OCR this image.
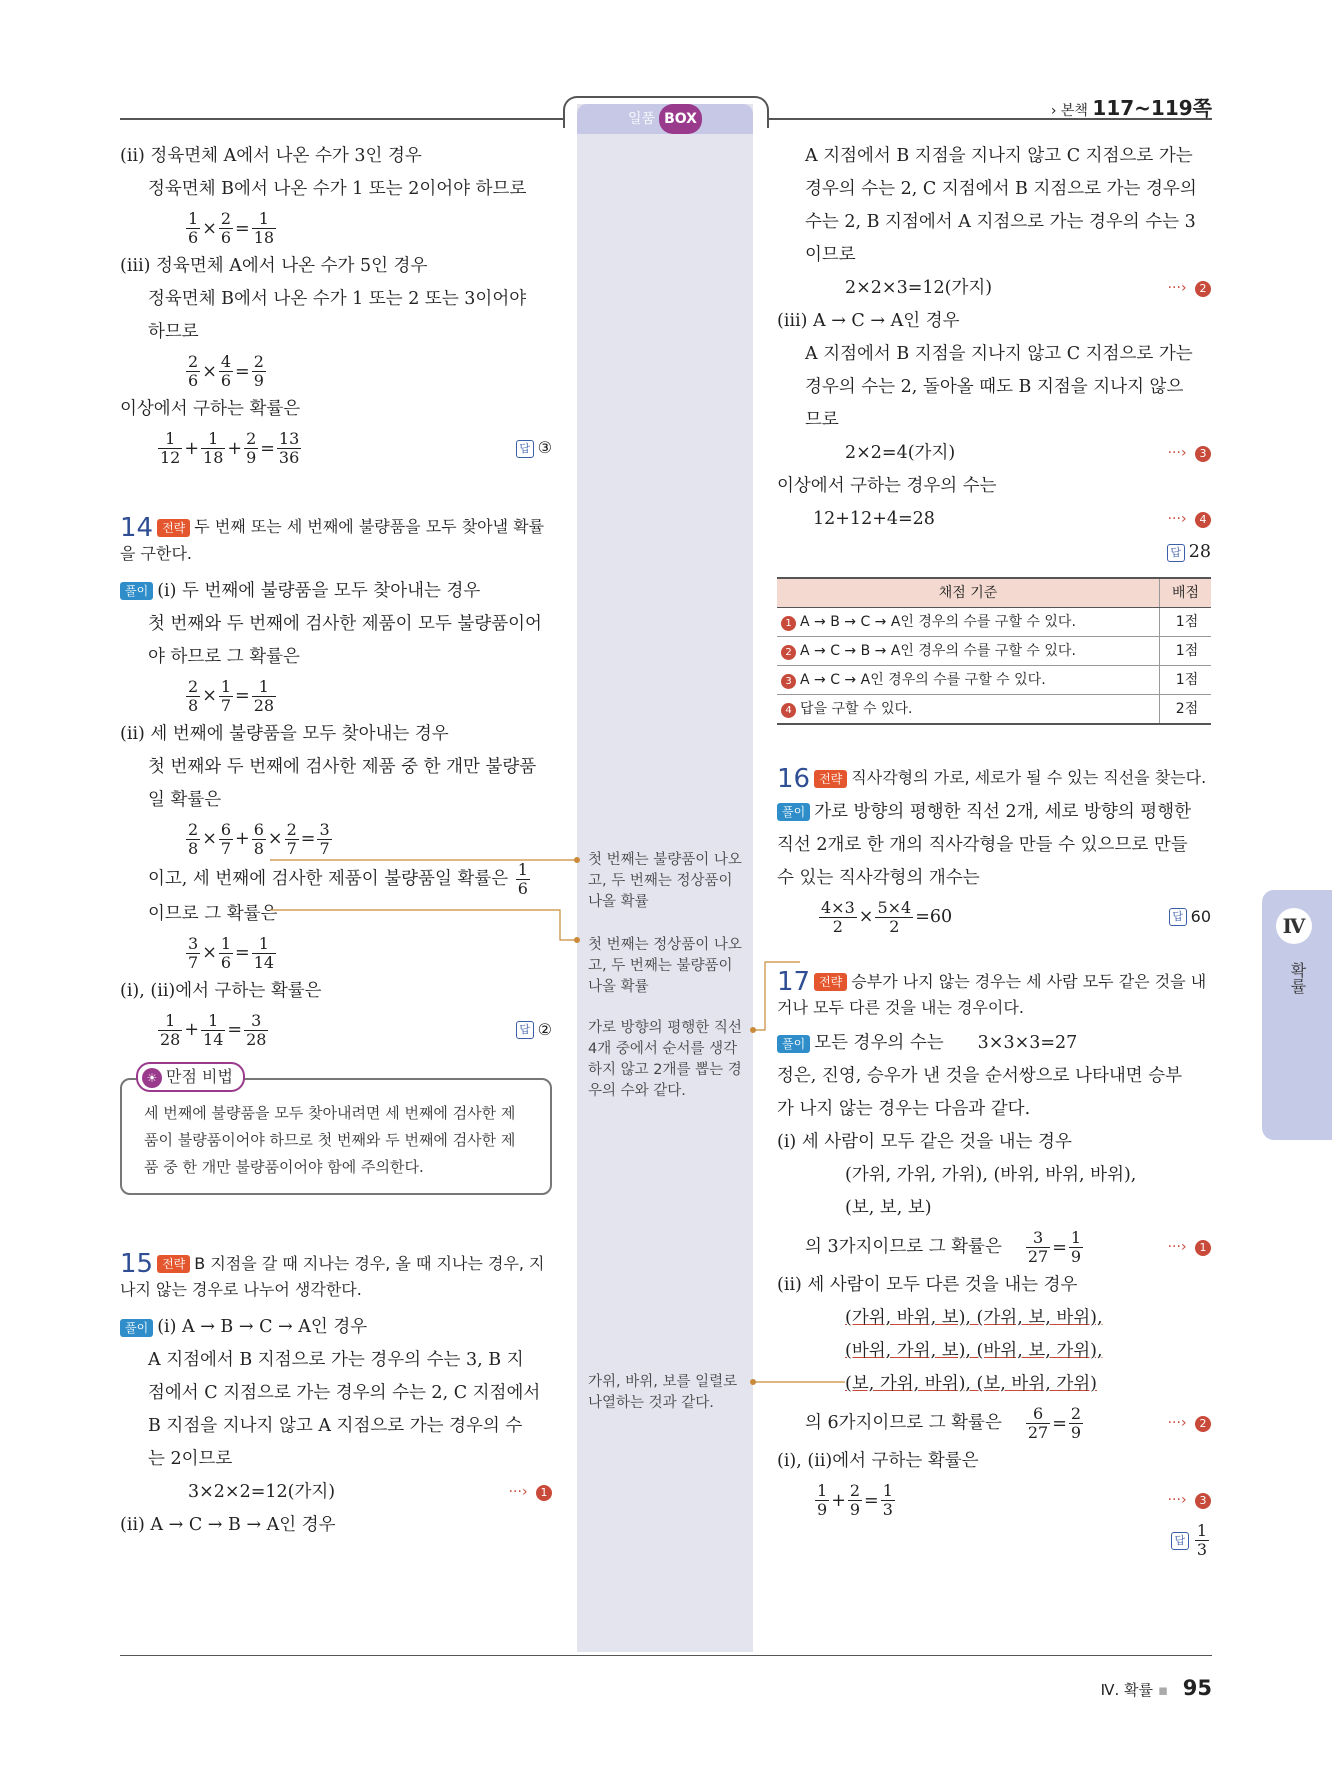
일품 BOX	› 본책 117~119쪽
Ⅳ
확률

(ⅱ) 정육면체 A에서 나온 수가 3인 경우

정육면체 B에서 나온 수가 1 또는 2이어야 하므로

$\frac{1}{6} \times \frac{2}{6} = \frac{1}{18}$

(ⅲ) 정육면체 A에서 나온 수가 5인 경우

정육면체 B에서 나온 수가 1 또는 2 또는 3이어야

하므로

$\frac{2}{6} \times \frac{4}{6} = \frac{2}{9}$

이상에서 구하는 확률은

$\frac{1}{12} + \frac{1}{18} + \frac{2}{9} = \frac{13}{36}$	답 ③

14 전략 두 번째 또는 세 번째에 불량품을 모두 찾아낼 확률을 구한다.

풀이 (ⅰ) 두 번째에 불량품을 모두 찾아내는 경우

첫 번째와 두 번째에 검사한 제품이 모두 불량품이어

야 하므로 그 확률은

$\frac{2}{8} \times \frac{1}{7} = \frac{1}{28}$

(ⅱ) 세 번째에 불량품을 모두 찾아내는 경우

첫 번째와 두 번째에 검사한 제품 중 한 개만 불량품

일 확률은

$\frac{2}{8} \times \frac{6}{7} + \frac{6}{8} \times \frac{2}{7} = \frac{3}{7}$

이고, 세 번째에 검사한 제품이 불량품일 확률은 $\frac{1}{6}$

이므로 그 확률은

$\frac{3}{7} \times \frac{1}{6} = \frac{1}{14}$

(ⅰ), (ⅱ)에서 구하는 확률은

$\frac{1}{28} + \frac{1}{14} = \frac{3}{28}$	답 ②
☀ 만점 비법
세 번째에 불량품을 모두 찾아내려면 세 번째에 검사한 제품이 불량품이어야 하므로 첫 번째와 두 번째에 검사한 제품 중 한 개만 불량품이어야 함에 주의한다.

15 전략 B 지점을 갈 때 지나는 경우, 올 때 지나는 경우, 지나지 않는 경우로 나누어 생각한다.

풀이 (ⅰ) A → B → C → A인 경우

A 지점에서 B 지점으로 가는 경우의 수는 3, B 지

점에서 C 지점으로 가는 경우의 수는 2, C 지점에서

B 지점을 지나지 않고 A 지점으로 가는 경우의 수

는 2이므로

3×2×2=12(가지)	···› 1

(ⅱ) A → C → B → A인 경우

첫 번째는 불량품이 나오고, 두 번째는 정상품이 나올 확률
첫 번째는 정상품이 나오고, 두 번째는 불량품이 나올 확률
가로 방향의 평행한 직선 4개 중에서 순서를 생각하지 않고 2개를 뽑는 경우의 수와 같다.
가위, 바위, 보를 일렬로 나열하는 것과 같다.

A 지점에서 B 지점을 지나지 않고 C 지점으로 가는

경우의 수는 2, C 지점에서 B 지점으로 가는 경우의

수는 2, B 지점에서 A 지점으로 가는 경우의 수는 3

이므로

2×2×3=12(가지)	···› 2

(ⅲ) A → C → A인 경우

A 지점에서 B 지점을 지나지 않고 C 지점으로 가는

경우의 수는 2, 돌아올 때도 B 지점을 지나지 않으

므로

2×2=4(가지)	···› 3

이상에서 구하는 경우의 수는

12+12+4=28	···› 4

답 28

채점 기준	배점
1 A → B → C → A인 경우의 수를 구할 수 있다.	1점
2 A → C → B → A인 경우의 수를 구할 수 있다.	1점
3 A → C → A인 경우의 수를 구할 수 있다.	1점
4 답을 구할 수 있다.	2점

16 전략 직사각형의 가로, 세로가 될 수 있는 직선을 찾는다.

풀이 가로 방향의 평행한 직선 2개, 세로 방향의 평행한

직선 2개로 한 개의 직사각형을 만들 수 있으므로 만들

수 있는 직사각형의 개수는

$\frac{4\times 3}{2} \times \frac{5\times 4}{2} =60$	답 60

17 전략 승부가 나지 않는 경우는 세 사람 모두 같은 것을 내거나 모두 다른 것을 내는 경우이다.

풀이 모든 경우의 수는 3×3×3=27

정은, 진영, 승우가 낸 것을 순서쌍으로 나타내면 승부

가 나지 않는 경우는 다음과 같다.

(ⅰ) 세 사람이 모두 같은 것을 내는 경우

(가위, 가위, 가위), (바위, 바위, 바위),

(보, 보, 보)

의 3가지이므로 그 확률은 $\frac{3}{27} = \frac{1}{9}$	···› 1

(ⅱ) 세 사람이 모두 다른 것을 내는 경우

(가위, 바위, 보), (가위, 보, 바위),

(바위, 가위, 보), (바위, 보, 가위),

(보, 가위, 바위), (보, 바위, 가위)

의 6가지이므로 그 확률은 $\frac{6}{27} = \frac{2}{9}$	···› 2

(ⅰ), (ⅱ)에서 구하는 확률은

$\frac{1}{9} + \frac{2}{9} = \frac{1}{3}$	···› 3
답 $\frac{1}{3}$
Ⅳ. 확률 ▪ 95
